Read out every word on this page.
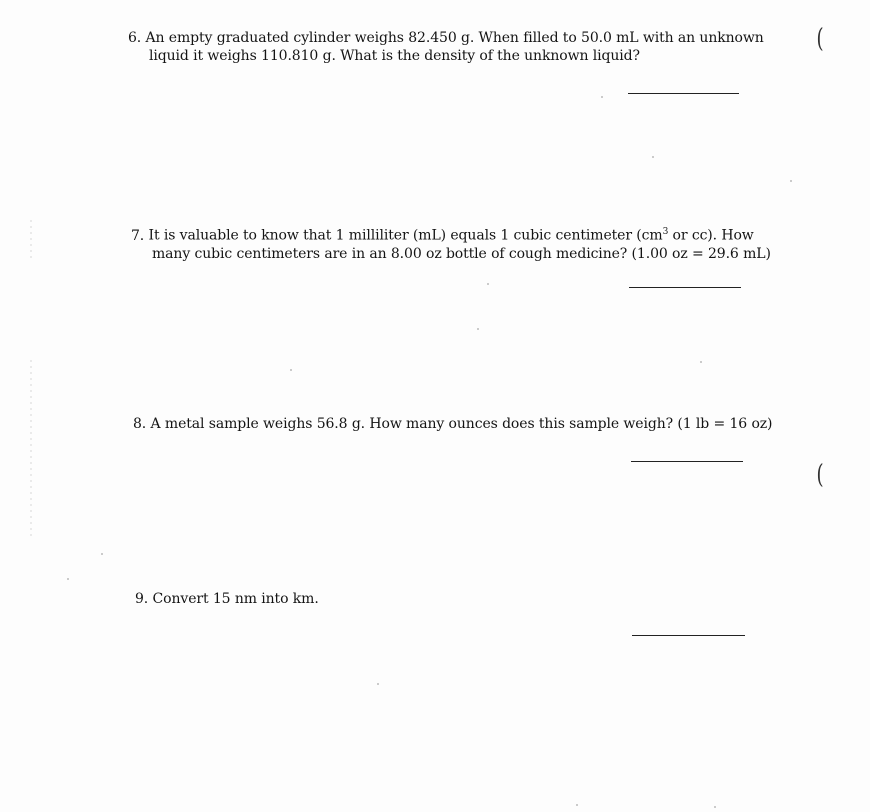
6. An empty graduated cylinder weighs 82.450 g. When filled to 50.0 mL with an unknown
liquid it weighs 110.810 g. What is the density of the unknown liquid?
7. It is valuable to know that 1 milliliter (mL) equals 1 cubic centimeter ($cm^3$ or cc). How
many cubic centimeters are in an 8.00 oz bottle of cough medicine? (1.00 oz = 29.6 mL)
8. A metal sample weighs 56.8 g. How many ounces does this sample weigh? (1 lb = 16 oz)
9. Convert 15 nm into km.
(
(
